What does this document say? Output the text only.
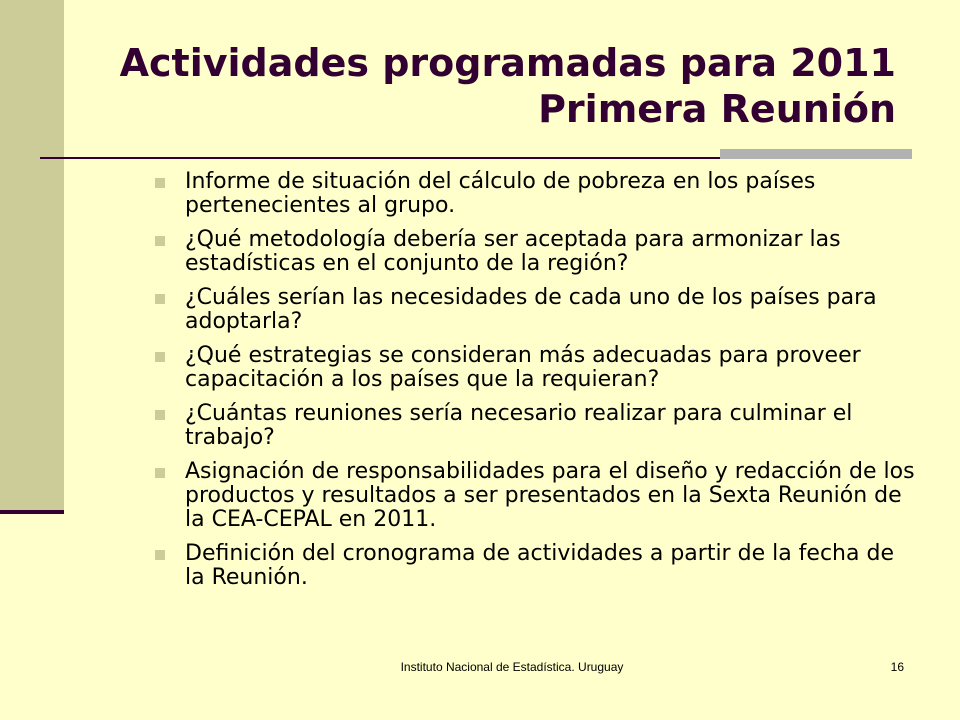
Actividades programadas para 2011
Primera Reunión
Informe de situación del cálculo de pobreza en los países pertenecientes al grupo.
¿Qué metodología debería ser aceptada para armonizar las estadísticas en el conjunto de la región?
¿Cuáles serían las necesidades de cada uno de los países para adoptarla?
¿Qué estrategias se consideran más adecuadas para proveer capacitación a los países que la requieran?
¿Cuántas reuniones sería necesario realizar para culminar el trabajo?
Asignación de responsabilidades para el diseño y redacción de los productos y resultados a ser presentados en la Sexta Reunión de la CEA-CEPAL en 2011.
Definición del cronograma de actividades a partir de la fecha de la Reunión.
Instituto Nacional de Estadística. Uruguay	16
